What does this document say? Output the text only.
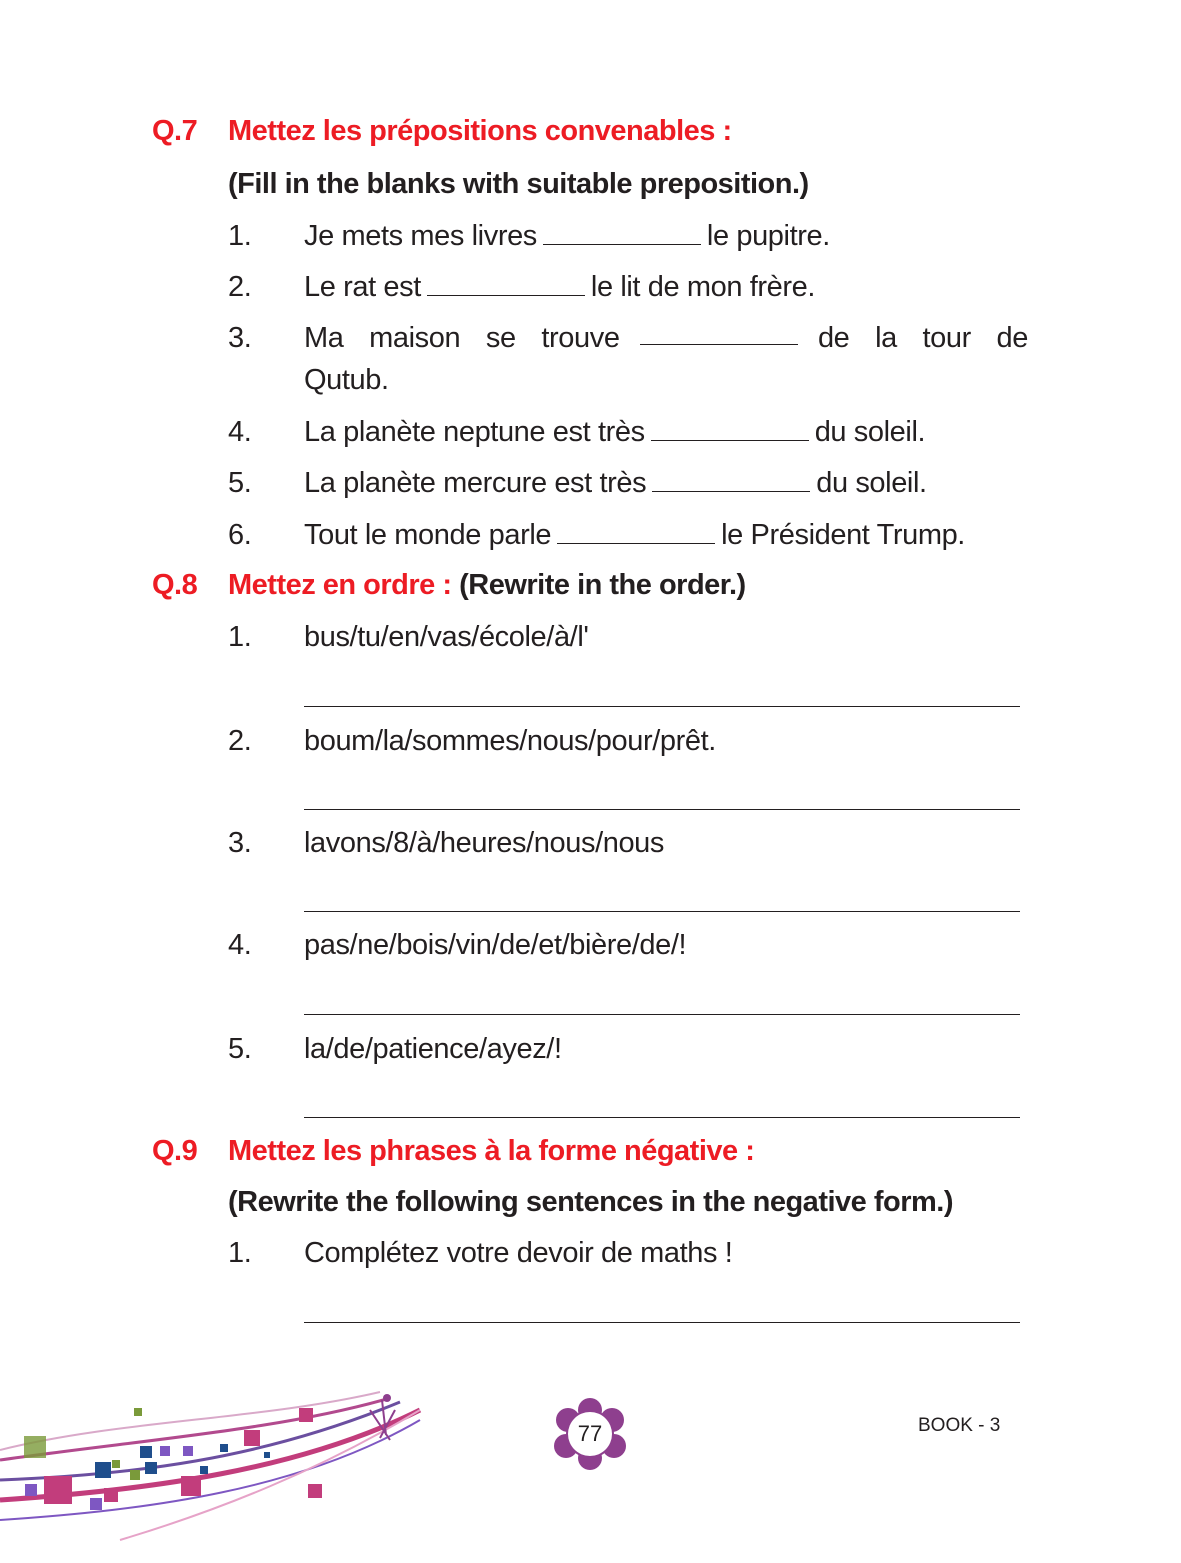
Q.7 Mettez les prépositions convenables :
(Fill in the blanks with suitable preposition.)
1. Je mets mes livres	le pupitre.
2. Le rat est	le lit de mon frère.
3.	Ma maison se trouve	de la tour de
Qutub.
4. La planète neptune est très	du soleil.
5. La planète mercure est très	du soleil.
6. Tout le monde parle	le Président Trump.
Q.8 Mettez en ordre : (Rewrite in the order.)
1. bus/tu/en/vas/école/à/l'
2. boum/la/sommes/nous/pour/prêt.
3. lavons/8/à/heures/nous/nous
4. pas/ne/bois/vin/de/et/bière/de/!
5. la/de/patience/ayez/!
Q.9 Mettez les phrases à la forme négative :
(Rewrite the following sentences in the negative form.)
1. Complétez votre devoir de maths !
77	BOOK - 3
